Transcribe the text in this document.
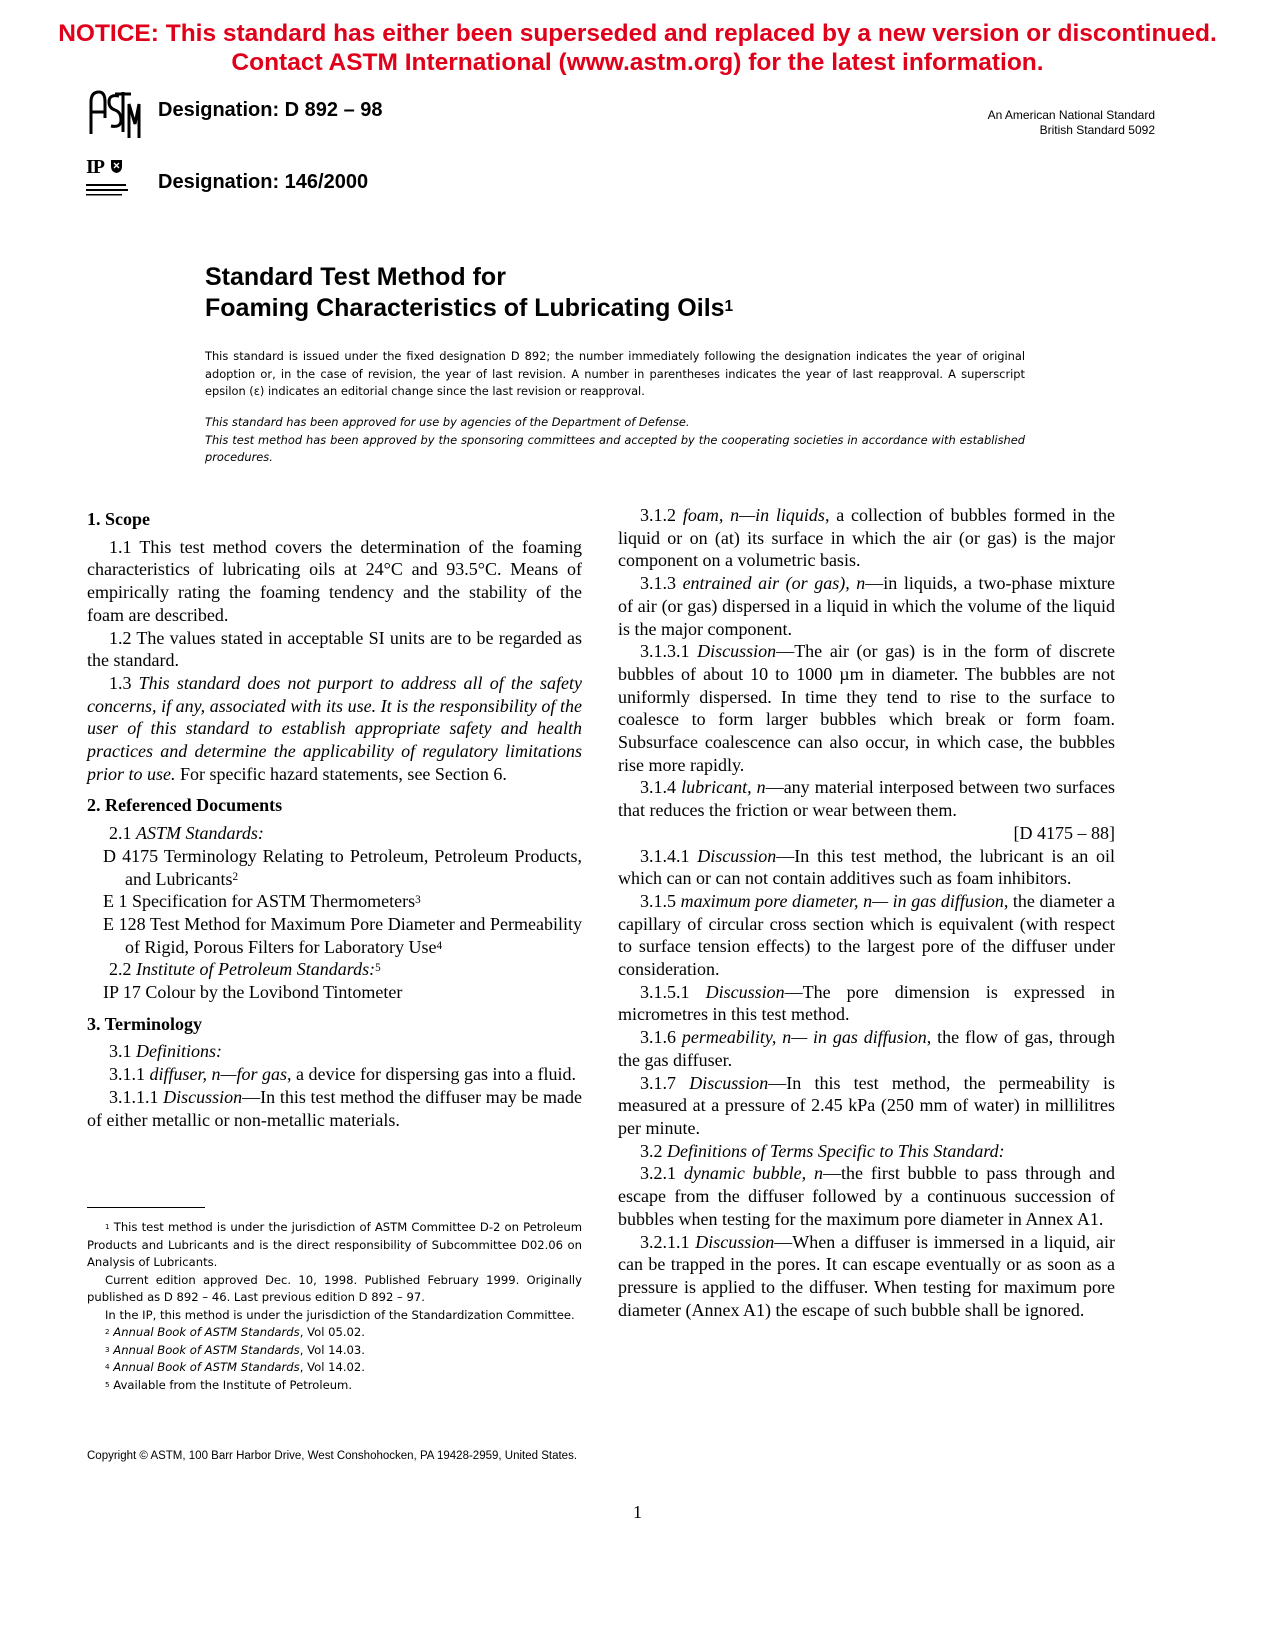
NOTICE: This standard has either been superseded and replaced by a new version or discontinued.
Contact ASTM International (www.astm.org) for the latest information.
Designation: D 892 – 98	An American National Standard
British Standard 5092
IP
Designation: 146/2000
Standard Test Method for
Foaming Characteristics of Lubricating Oils$^1$
This standard is issued under the fixed designation D 892; the number immediately following the designation indicates the year of original adoption or, in the case of revision, the year of last revision. A number in parentheses indicates the year of last reapproval. A superscript epsilon (ε) indicates an editorial change since the last revision or reapproval.
This standard has been approved for use by agencies of the Department of Defense.
This test method has been approved by the sponsoring committees and accepted by the cooperating societies in accordance with established procedures.
1. Scope

1.1 This test method covers the determination of the foaming characteristics of lubricating oils at 24°C and 93.5°C. Means of empirically rating the foaming tendency and the stability of the foam are described.

1.2 The values stated in acceptable SI units are to be regarded as the standard.

1.3 This standard does not purport to address all of the safety concerns, if any, associated with its use. It is the responsibility of the user of this standard to establish appropriate safety and health practices and determine the applicability of regulatory limitations prior to use. For specific hazard statements, see Section 6.

2. Referenced Documents

2.1 ASTM Standards:

D 4175 Terminology Relating to Petroleum, Petroleum Products, and Lubricants$^2$

E 1 Specification for ASTM Thermometers$^3$

E 128 Test Method for Maximum Pore Diameter and Permeability of Rigid, Porous Filters for Laboratory Use$^4$

2.2 Institute of Petroleum Standards:$^5$

IP 17 Colour by the Lovibond Tintometer

3. Terminology

3.1 Definitions:

3.1.1 diffuser, n—for gas, a device for dispersing gas into a fluid.

3.1.1.1 Discussion—In this test method the diffuser may be made of either metallic or non-metallic materials.

$^1$ This test method is under the jurisdiction of ASTM Committee D-2 on Petroleum Products and Lubricants and is the direct responsibility of Subcommittee D02.06 on Analysis of Lubricants.

Current edition approved Dec. 10, 1998. Published February 1999. Originally published as D 892 – 46. Last previous edition D 892 – 97.

In the IP, this method is under the jurisdiction of the Standardization Committee.

$^2$ Annual Book of ASTM Standards, Vol 05.02.

$^3$ Annual Book of ASTM Standards, Vol 14.03.

$^4$ Annual Book of ASTM Standards, Vol 14.02.

$^5$ Available from the Institute of Petroleum.

3.1.2 foam, n—in liquids, a collection of bubbles formed in the liquid or on (at) its surface in which the air (or gas) is the major component on a volumetric basis.

3.1.3 entrained air (or gas), n—in liquids, a two-phase mixture of air (or gas) dispersed in a liquid in which the volume of the liquid is the major component.

3.1.3.1 Discussion—The air (or gas) is in the form of discrete bubbles of about 10 to 1000 µm in diameter. The bubbles are not uniformly dispersed. In time they tend to rise to the surface to coalesce to form larger bubbles which break or form foam. Subsurface coalescence can also occur, in which case, the bubbles rise more rapidly.

3.1.4 lubricant, n—any material interposed between two surfaces that reduces the friction or wear between them.

[D 4175 – 88]

3.1.4.1 Discussion—In this test method, the lubricant is an oil which can or can not contain additives such as foam inhibitors.

3.1.5 maximum pore diameter, n— in gas diffusion, the diameter a capillary of circular cross section which is equivalent (with respect to surface tension effects) to the largest pore of the diffuser under consideration.

3.1.5.1 Discussion—The pore dimension is expressed in micrometres in this test method.

3.1.6 permeability, n— in gas diffusion, the flow of gas, through the gas diffuser.

3.1.7 Discussion—In this test method, the permeability is measured at a pressure of 2.45 kPa (250 mm of water) in millilitres per minute.

3.2 Definitions of Terms Specific to This Standard:

3.2.1 dynamic bubble, n—the first bubble to pass through and escape from the diffuser followed by a continuous succession of bubbles when testing for the maximum pore diameter in Annex A1.

3.2.1.1 Discussion—When a diffuser is immersed in a liquid, air can be trapped in the pores. It can escape eventually or as soon as a pressure is applied to the diffuser. When testing for maximum pore diameter (Annex A1) the escape of such bubble shall be ignored.

Copyright © ASTM, 100 Barr Harbor Drive, West Conshohocken, PA 19428-2959, United States.
1
